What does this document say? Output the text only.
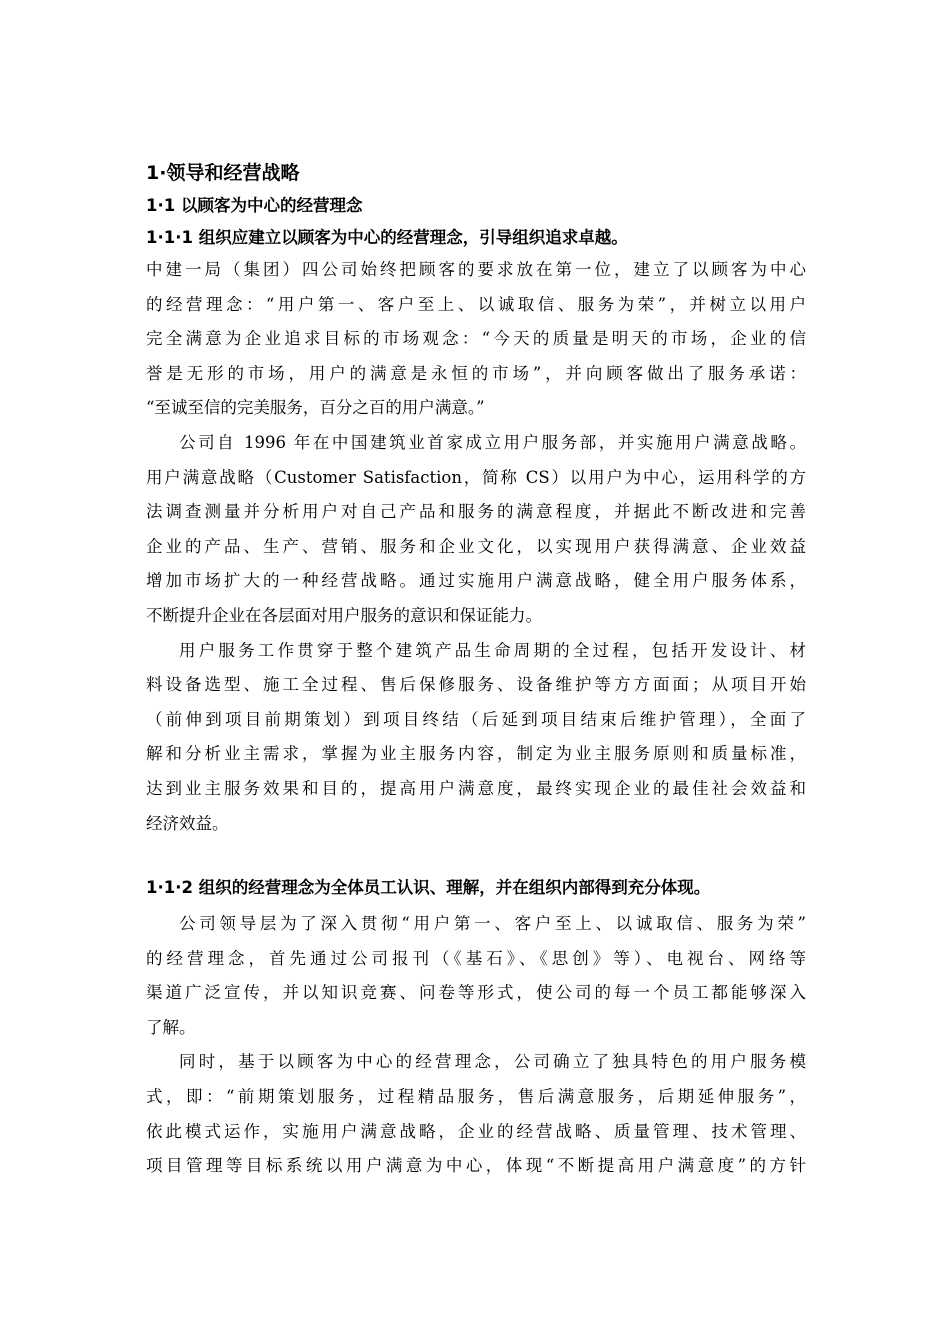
1·领导和经营战略
1·1 以顾客为中心的经营理念
1·1·1 组织应建立以顾客为中心的经营理念，引导组织追求卓越。
中建一局（集团）四公司始终把顾客的要求放在第一位，建立了以顾客为中心
的经营理念：“用户第一、客户至上、以诚取信、服务为荣”，并树立以用户
完全满意为企业追求目标的市场观念：“今天的质量是明天的市场，企业的信
誉是无形的市场，用户的满意是永恒的市场”，并向顾客做出了服务承诺：
“至诚至信的完美服务，百分之百的用户满意。”
公司自 1996 年在中国建筑业首家成立用户服务部，并实施用户满意战略。
用户满意战略（Customer Satisfaction，简称 CS）以用户为中心，运用科学的方
法调查测量并分析用户对自己产品和服务的满意程度，并据此不断改进和完善
企业的产品、生产、营销、服务和企业文化，以实现用户获得满意、企业效益
增加市场扩大的一种经营战略。通过实施用户满意战略，健全用户服务体系，
不断提升企业在各层面对用户服务的意识和保证能力。
用户服务工作贯穿于整个建筑产品生命周期的全过程，包括开发设计、材
料设备选型、施工全过程、售后保修服务、设备维护等方方面面；从项目开始
（前伸到项目前期策划）到项目终结（后延到项目结束后维护管理），全面了
解和分析业主需求，掌握为业主服务内容，制定为业主服务原则和质量标准，
达到业主服务效果和目的，提高用户满意度，最终实现企业的最佳社会效益和
经济效益。
1·1·2 组织的经营理念为全体员工认识、理解，并在组织内部得到充分体现。
公司领导层为了深入贯彻“用户第一、客户至上、以诚取信、服务为荣”
的经营理念，首先通过公司报刊（《基石》、《思创》等）、电视台、网络等
渠道广泛宣传，并以知识竞赛、问卷等形式，使公司的每一个员工都能够深入
了解。
同时，基于以顾客为中心的经营理念，公司确立了独具特色的用户服务模
式，即：“前期策划服务，过程精品服务，售后满意服务，后期延伸服务”，
依此模式运作，实施用户满意战略，企业的经营战略、质量管理、技术管理、
项目管理等目标系统以用户满意为中心，体现“不断提高用户满意度”的方针
